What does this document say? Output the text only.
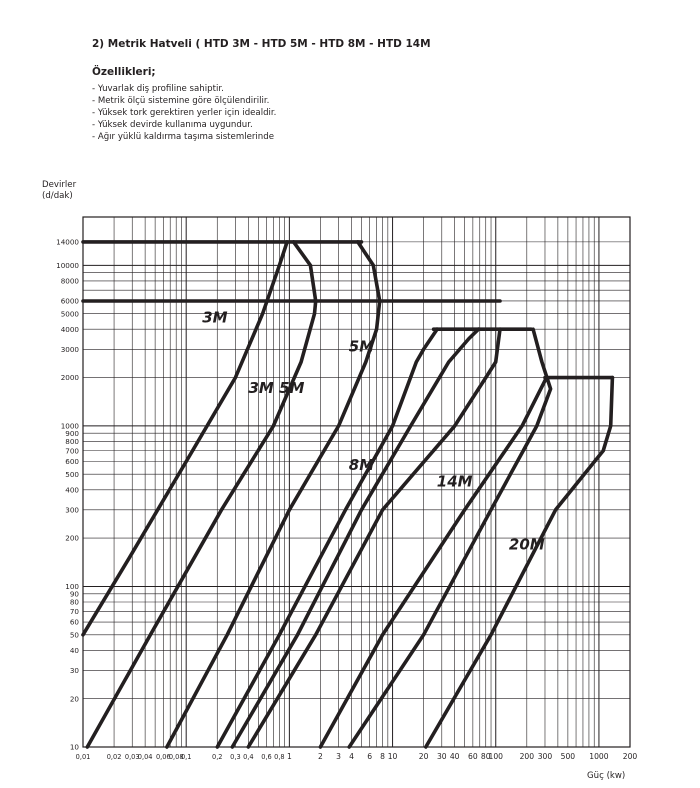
2) Metrik Hatveli ( HTD 3M - HTD 5M - HTD 8M - HTD 14M
Özellikleri;
- Yuvarlak diş profiline sahiptir.
- Metrik ölçü sistemine göre ölçülendirilir.
- Yüksek tork gerektiren yerler için idealdir.
- Yüksek devirde kullanıma uygundur.
- Ağır yüklü kaldırma taşıma sistemlerinde
Devirler
(d/dak)
Güç (kw)
14000
10000
8000
6000
5000
4000
3000
2000
1000
900
800
700
600
500
400
300
200
100
90
80
70
60
50
40
30
20
10
0,01 0,02 0,03
0,04 0,06
0,08
0,1	0,2 0,3 0,4 0,6 0,8 1	2 3 4 6 8 10	20 30 40 60 80
100 200 300 500 1000 200
3M
5M
3M 5M
8M
14M
20M
